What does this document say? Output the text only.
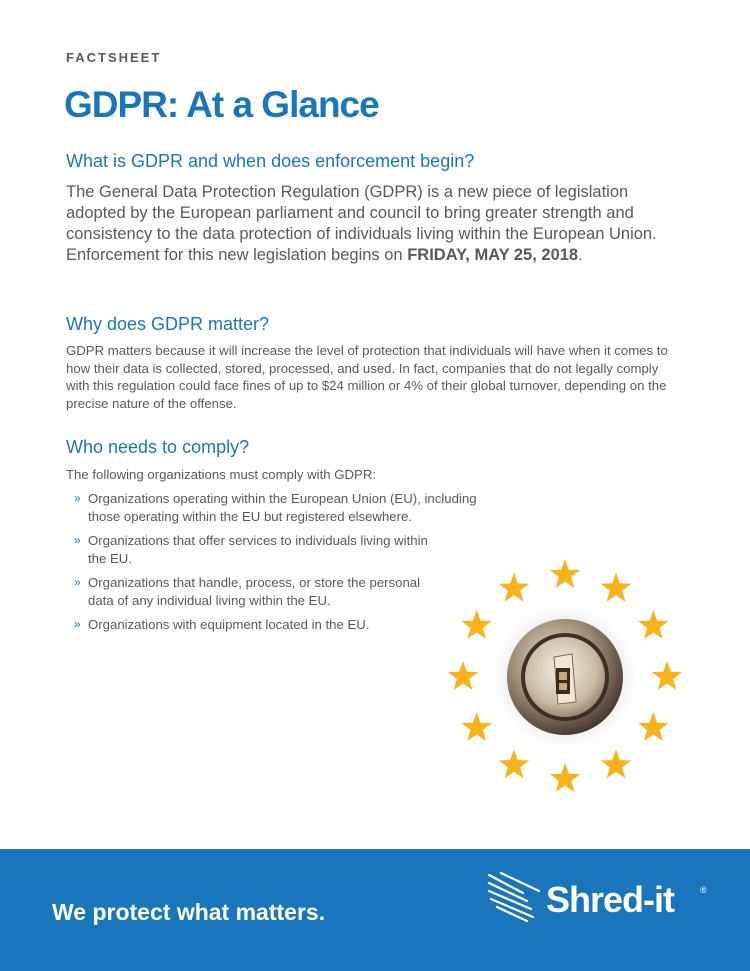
FACTSHEET
GDPR: At a Glance
What is GDPR and when does enforcement begin?

The General Data Protection Regulation (GDPR) is a new piece of legislation adopted by the European parliament and council to bring greater strength and consistency to the data protection of individuals living within the European Union. Enforcement for this new legislation begins on FRIDAY, MAY 25, 2018.

Why does GDPR matter?

GDPR matters because it will increase the level of protection that individuals will have when it comes to how their data is collected, stored, processed, and used. In fact, companies that do not legally comply with this regulation could face fines of up to $24 million or 4% of their global turnover, depending on the precise nature of the offense.

Who needs to comply?

The following organizations must comply with GDPR:

» Organizations operating within the European Union (EU), including those operating within the EU but registered elsewhere.
» Organizations that offer services to individuals living within the EU.
» Organizations that handle, process, or store the personal data of any individual living within the EU.
» Organizations with equipment located in the EU.

We protect what matters.	Shred-it	®
